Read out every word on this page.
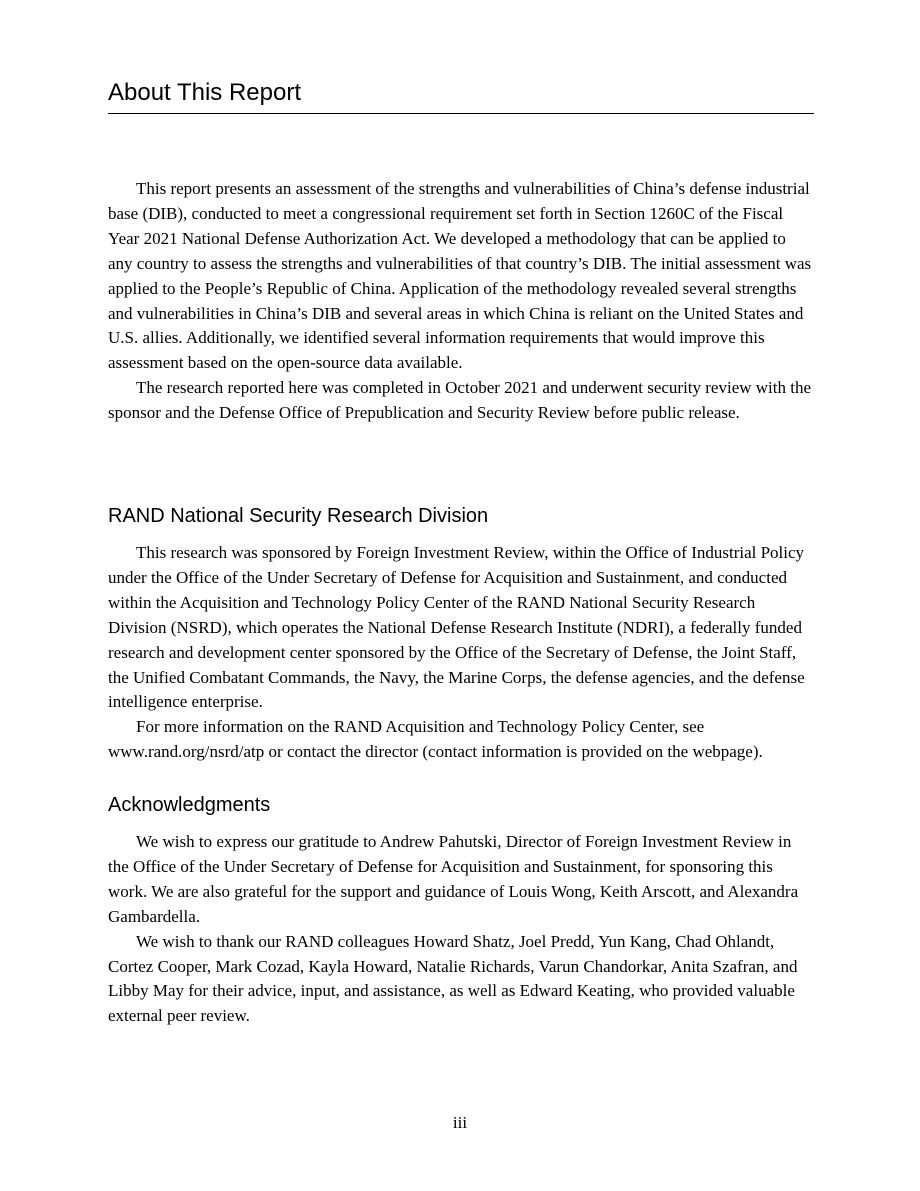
About This Report

This report presents an assessment of the strengths and vulnerabilities of China’s defense industrial base (DIB), conducted to meet a congressional requirement set forth in Section 1260C of the Fiscal Year 2021 National Defense Authorization Act. We developed a methodology that can be applied to any country to assess the strengths and vulnerabilities of that country’s DIB. The initial assessment was applied to the People’s Republic of China. Application of the methodology revealed several strengths and vulnerabilities in China’s DIB and several areas in which China is reliant on the United States and U.S. allies. Additionally, we identified several information requirements that would improve this assessment based on the open-source data available.

The research reported here was completed in October 2021 and underwent security review with the sponsor and the Defense Office of Prepublication and Security Review before public release.

RAND National Security Research Division

This research was sponsored by Foreign Investment Review, within the Office of Industrial Policy under the Office of the Under Secretary of Defense for Acquisition and Sustainment, and conducted within the Acquisition and Technology Policy Center of the RAND National Security Research Division (NSRD), which operates the National Defense Research Institute (NDRI), a federally funded research and development center sponsored by the Office of the Secretary of Defense, the Joint Staff, the Unified Combatant Commands, the Navy, the Marine Corps, the defense agencies, and the defense intelligence enterprise.

For more information on the RAND Acquisition and Technology Policy Center, see www.rand.org/nsrd/atp or contact the director (contact information is provided on the webpage).

Acknowledgments

We wish to express our gratitude to Andrew Pahutski, Director of Foreign Investment Review in the Office of the Under Secretary of Defense for Acquisition and Sustainment, for sponsoring this work. We are also grateful for the support and guidance of Louis Wong, Keith Arscott, and Alexandra Gambardella.

We wish to thank our RAND colleagues Howard Shatz, Joel Predd, Yun Kang, Chad Ohlandt, Cortez Cooper, Mark Cozad, Kayla Howard, Natalie Richards, Varun Chandorkar, Anita Szafran, and Libby May for their advice, input, and assistance, as well as Edward Keating, who provided valuable external peer review.

iii
